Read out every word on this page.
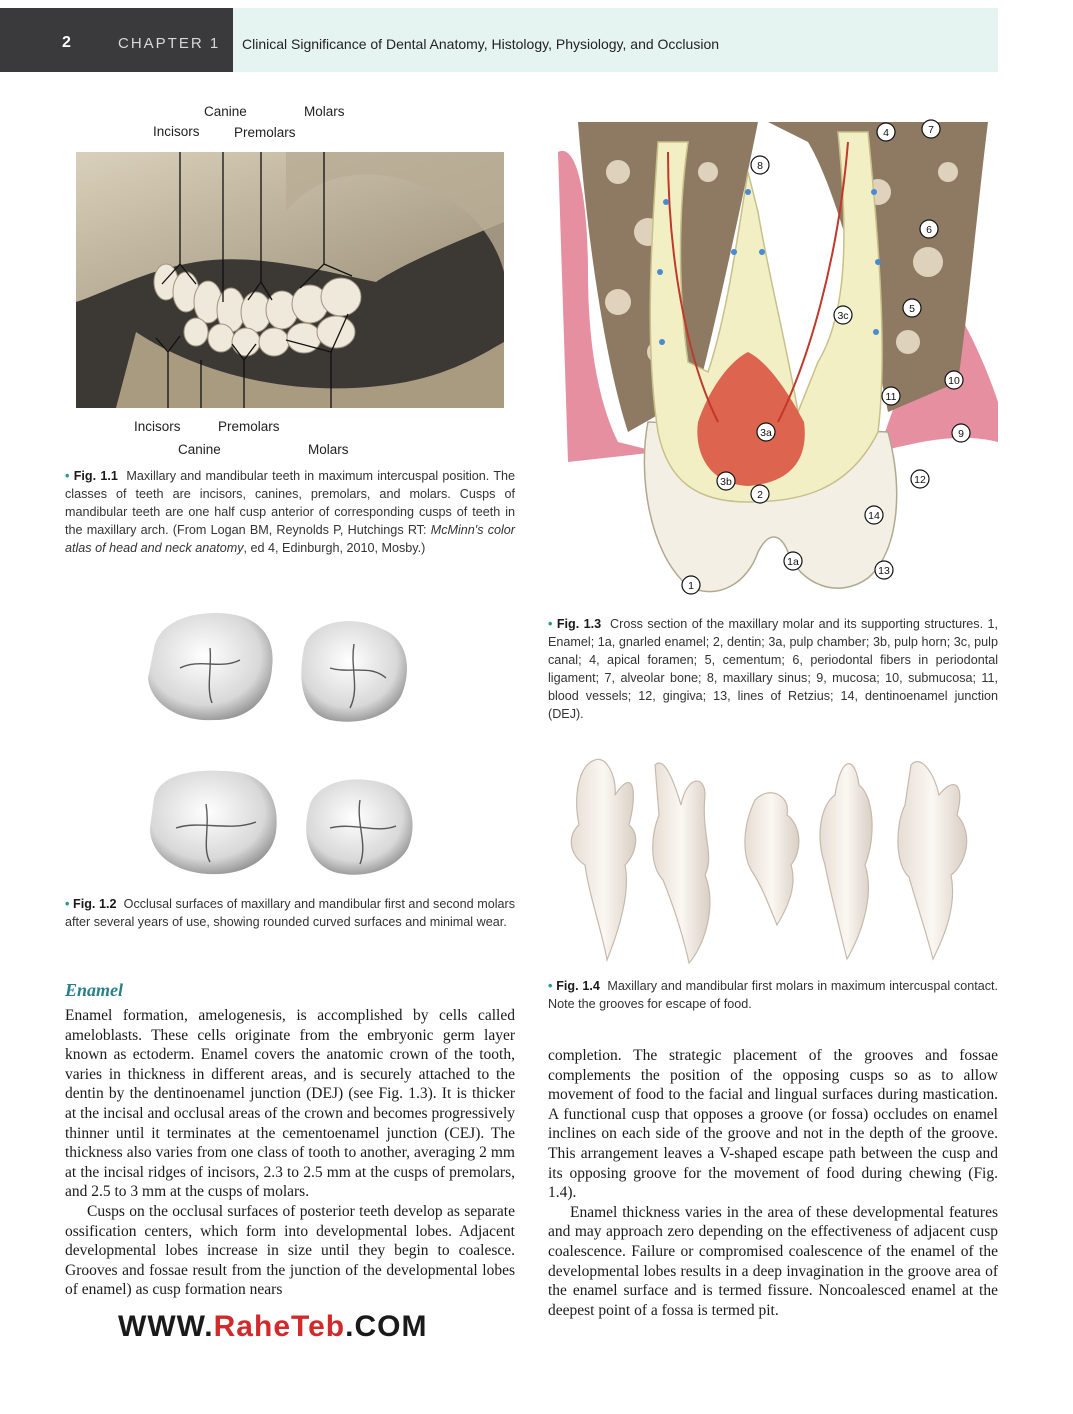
2	CHAPTER 1 Clinical Significance of Dental Anatomy, Histology, Physiology, and Occlusion
Canine	Molars
Incisors	Premolars
Incisors	Premolars
Canine	Molars
• Fig. 1.1 Maxillary and mandibular teeth in maximum intercuspal position. The classes of teeth are incisors, canines, premolars, and molars. Cusps of mandibular teeth are one half cusp anterior of corresponding cusps of teeth in the maxillary arch. (From Logan BM, Reynolds P, Hutchings RT: McMinn's color atlas of head and neck anatomy, ed 4, Edinburgh, 2010, Mosby.)
• Fig. 1.2 Occlusal surfaces of maxillary and mandibular first and second molars after several years of use, showing rounded curved surfaces and minimal wear.
1
1a
2
3a
3b
3c
4
5
6
7
8
9
10
11
12
13
14
• Fig. 1.3 Cross section of the maxillary molar and its supporting structures. 1, Enamel; 1a, gnarled enamel; 2, dentin; 3a, pulp chamber; 3b, pulp horn; 3c, pulp canal; 4, apical foramen; 5, cementum; 6, periodontal fibers in periodontal ligament; 7, alveolar bone; 8, maxillary sinus; 9, mucosa; 10, submucosa; 11, blood vessels; 12, gingiva; 13, lines of Retzius; 14, dentinoenamel junction (DEJ).
• Fig. 1.4 Maxillary and mandibular first molars in maximum intercuspal contact. Note the grooves for escape of food.
Enamel

Enamel formation, amelogenesis, is accomplished by cells called ameloblasts. These cells originate from the embryonic germ layer known as ectoderm. Enamel covers the anatomic crown of the tooth, varies in thickness in different areas, and is securely attached to the dentin by the dentinoenamel junction (DEJ) (see Fig. 1.3). It is thicker at the incisal and occlusal areas of the crown and becomes progressively thinner until it terminates at the cementoenamel junction (CEJ). The thickness also varies from one class of tooth to another, averaging 2 mm at the incisal ridges of incisors, 2.3 to 2.5 mm at the cusps of premolars, and 2.5 to 3 mm at the cusps of molars.

Cusps on the occlusal surfaces of posterior teeth develop as separate ossification centers, which form into developmental lobes. Adjacent developmental lobes increase in size until they begin to coalesce. Grooves and fossae result from the junction of the developmental lobes of enamel) as cusp formation nears

completion. The strategic placement of the grooves and fossae complements the position of the opposing cusps so as to allow movement of food to the facial and lingual surfaces during mastication. A functional cusp that opposes a groove (or fossa) occludes on enamel inclines on each side of the groove and not in the depth of the groove. This arrangement leaves a V-shaped escape path between the cusp and its opposing groove for the movement of food during chewing (Fig. 1.4).

Enamel thickness varies in the area of these developmental features and may approach zero depending on the effectiveness of adjacent cusp coalescence. Failure or compromised coalescence of the enamel of the developmental lobes results in a deep invagination in the groove area of the enamel surface and is termed fissure. Noncoalesced enamel at the deepest point of a fossa is termed pit.

WWW.RaheTeb.COM
